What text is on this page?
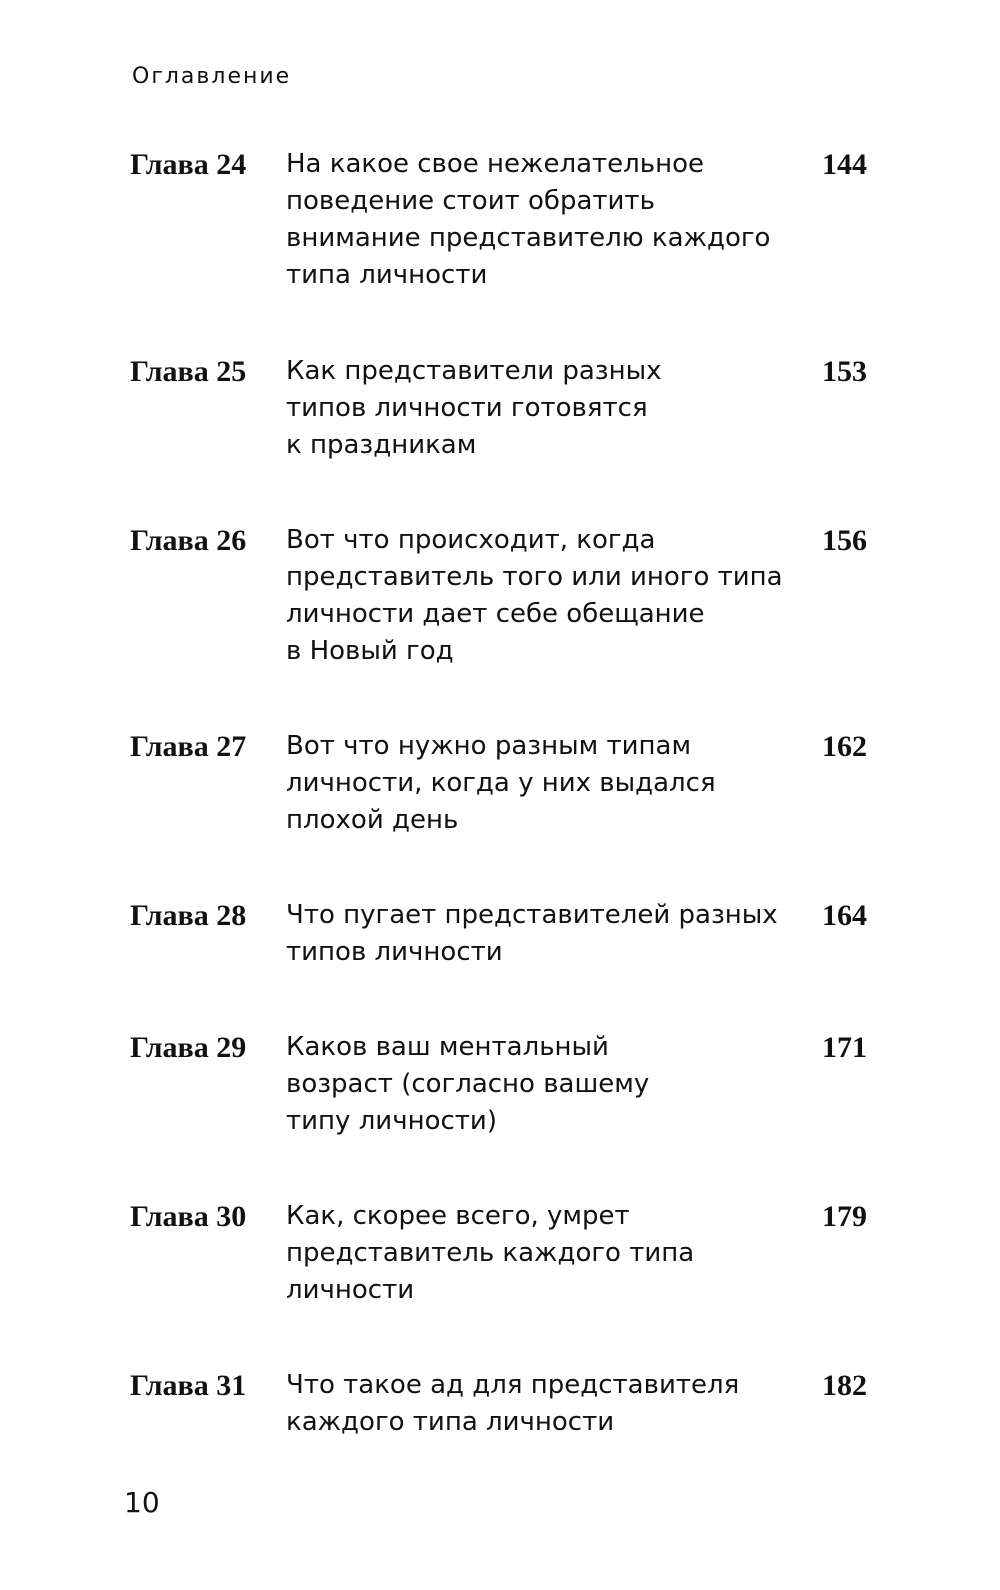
Оглавление
Глава 24 На какое свое нежелательное
поведение стоит обратить
внимание представителю каждого
типа личности
144
Глава 25 Как представители разных
типов личности готовятся
к праздникам
153
Глава 26 Вот что происходит, когда
представитель того или иного типа
личности дает себе обещание
в Новый год
156
Глава 27 Вот что нужно разным типам
личности, когда у них выдался
плохой день
162
Глава 28 Что пугает представителей разных
типов личности
164
Глава 29 Каков ваш ментальный
возраст (согласно вашему
типу личности)
171
Глава 30 Как, скорее всего, умрет
представитель каждого типа
личности
179
Глава 31 Что такое ад для представителя
каждого типа личности
182
10
